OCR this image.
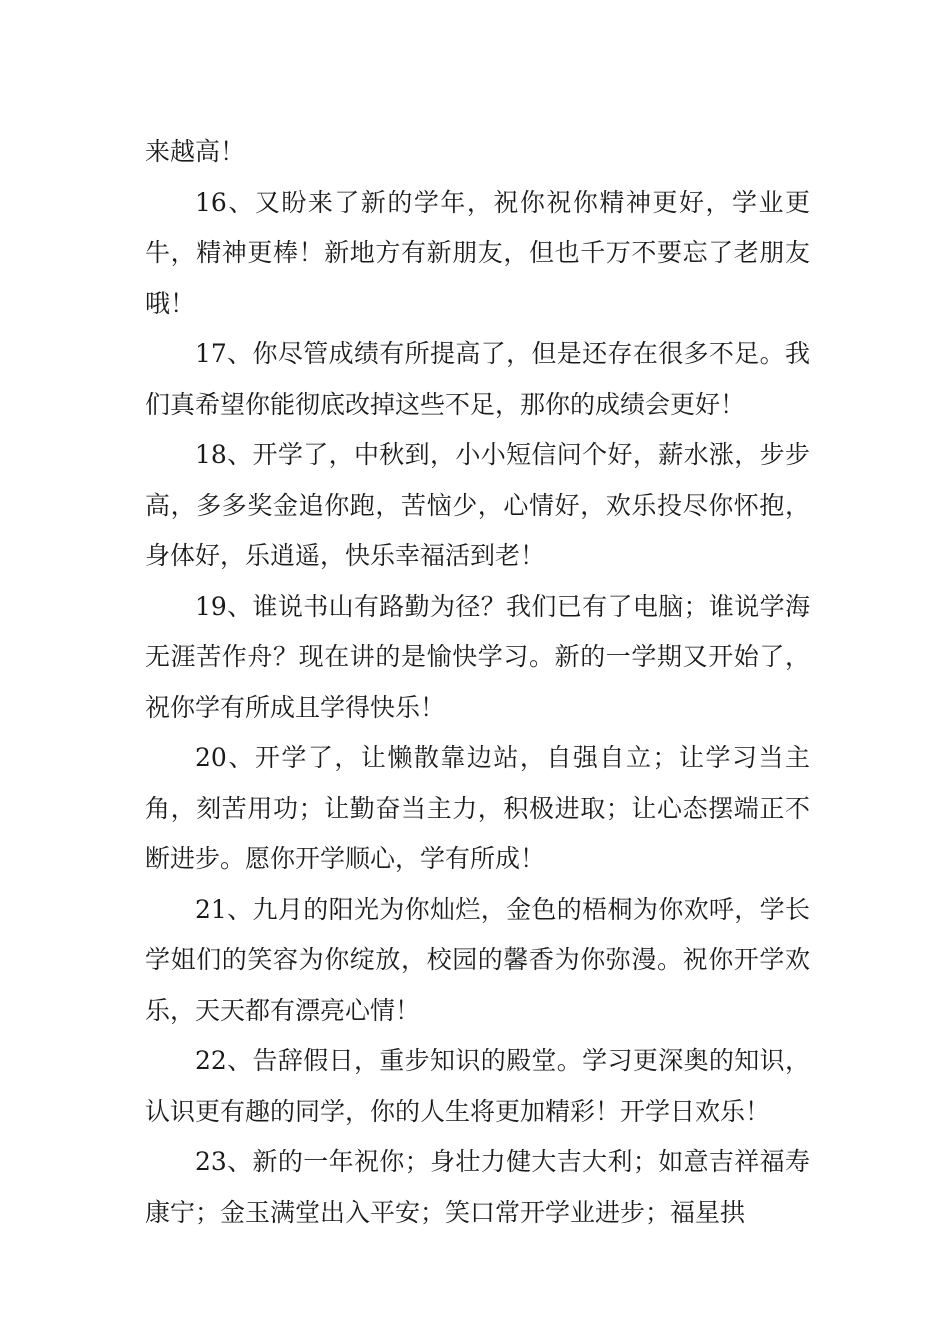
来越高！

16、又盼来了新的学年，祝你祝你精神更好，学业更牛，精神更棒！新地方有新朋友，但也千万不要忘了老朋友哦！

17、你尽管成绩有所提高了，但是还存在很多不足。我们真希望你能彻底改掉这些不足，那你的成绩会更好！

18、开学了，中秋到，小小短信问个好，薪水涨，步步高，多多奖金追你跑，苦恼少，心情好，欢乐投尽你怀抱，身体好，乐逍遥，快乐幸福活到老！

19、谁说书山有路勤为径？我们已有了电脑；谁说学海无涯苦作舟？现在讲的是愉快学习。新的一学期又开始了，祝你学有所成且学得快乐！

20、开学了，让懒散靠边站，自强自立；让学习当主角，刻苦用功；让勤奋当主力，积极进取；让心态摆端正不断进步。愿你开学顺心，学有所成！

21、九月的阳光为你灿烂，金色的梧桐为你欢呼，学长学姐们的笑容为你绽放，校园的馨香为你弥漫。祝你开学欢乐，天天都有漂亮心情！

22、告辞假日，重步知识的殿堂。学习更深奥的知识，认识更有趣的同学，你的人生将更加精彩！开学日欢乐！

23、新的一年祝你；身壮力健大吉大利；如意吉祥福寿康宁；金玉满堂出入平安；笑口常开学业进步；福星拱
